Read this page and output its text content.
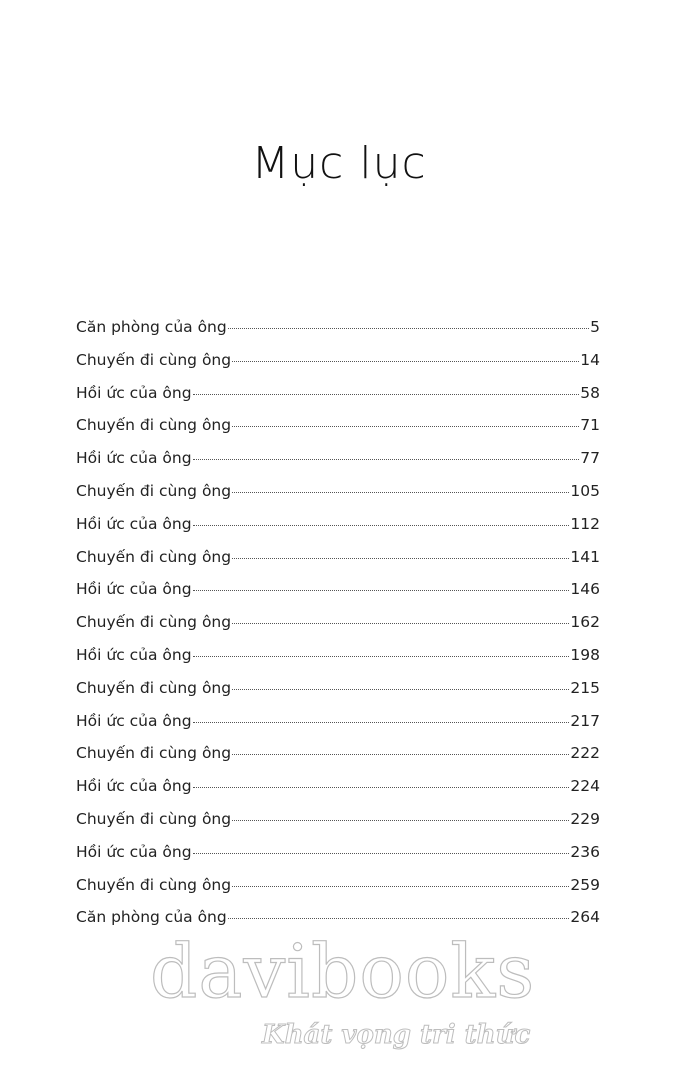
Mục lục
Căn phòng của ông	5
Chuyến đi cùng ông	14
Hồi ức của ông	58
Chuyến đi cùng ông	71
Hồi ức của ông	77
Chuyến đi cùng ông	105
Hồi ức của ông	112
Chuyến đi cùng ông	141
Hồi ức của ông	146
Chuyến đi cùng ông	162
Hồi ức của ông	198
Chuyến đi cùng ông	215
Hồi ức của ông	217
Chuyến đi cùng ông	222
Hồi ức của ông	224
Chuyến đi cùng ông	229
Hồi ức của ông	236
Chuyến đi cùng ông	259
Căn phòng của ông	264
davibooks
Khát vọng tri thức
